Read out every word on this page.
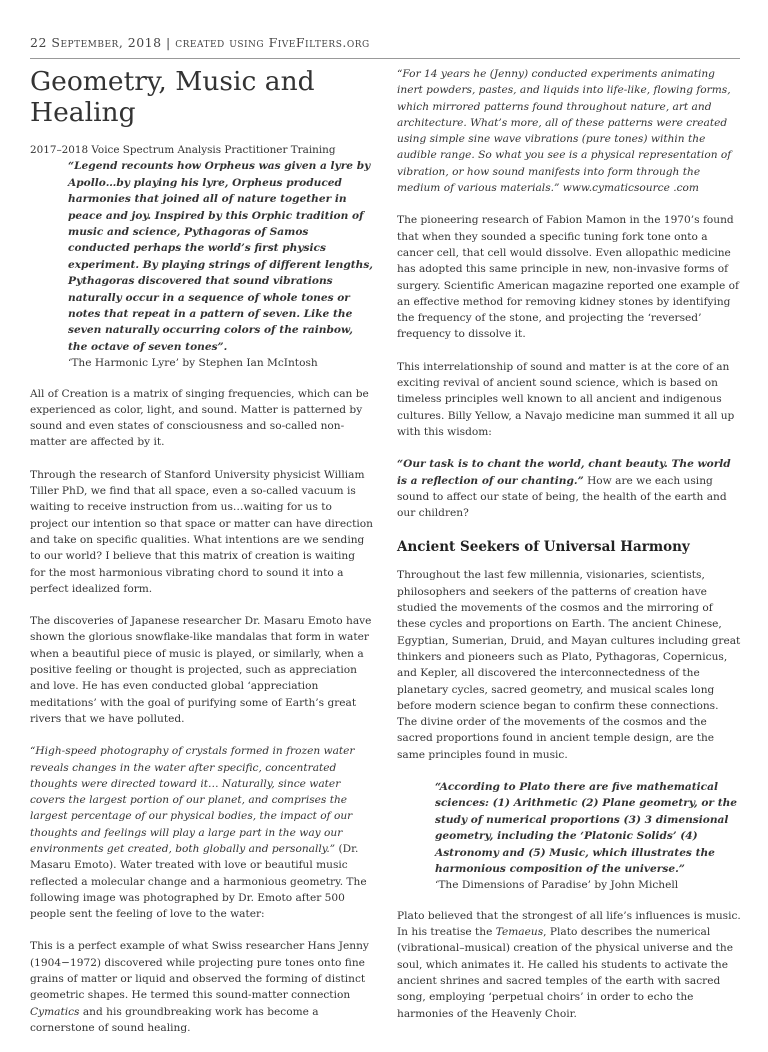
22 September, 2018 | created using FiveFilters.org
Geometry, Music and Healing

2017–2018 Voice Spectrum Analysis Practitioner Training

“Legend recounts how Orpheus was given a lyre by Apollo…by playing his lyre, Orpheus produced harmonies that joined all of nature together in peace and joy. Inspired by this Orphic tradition of music and science, Pythagoras of Samos conducted perhaps the world’s first physics experiment. By playing strings of different lengths, Pythagoras discovered that sound vibrations naturally occur in a sequence of whole tones or notes that repeat in a pattern of seven. Like the seven naturally occurring colors of the rainbow, the octave of seven tones”.
‘The Harmonic Lyre’ by Stephen Ian McIntosh

All of Creation is a matrix of singing frequencies, which can be experienced as color, light, and sound. Matter is patterned by sound and even states of consciousness and so-called non-matter are affected by it.

Through the research of Stanford University physicist William Tiller PhD, we find that all space, even a so-called vacuum is waiting to receive instruction from us…waiting for us to project our intention so that space or matter can have direction and take on specific qualities. What intentions are we sending to our world? I believe that this matrix of creation is waiting for the most harmonious vibrating chord to sound it into a perfect idealized form.

The discoveries of Japanese researcher Dr. Masaru Emoto have shown the glorious snowflake-like mandalas that form in water when a beautiful piece of music is played, or similarly, when a positive feeling or thought is projected, such as appreciation and love. He has even conducted global ‘appreciation meditations’ with the goal of purifying some of Earth’s great rivers that we have polluted.

“High-speed photography of crystals formed in frozen water reveals changes in the water after specific, concentrated thoughts were directed toward it… Naturally, since water covers the largest portion of our planet, and comprises the largest percentage of our physical bodies, the impact of our thoughts and feelings will play a large part in the way our environments get created, both globally and personally.” (Dr. Masaru Emoto). Water treated with love or beautiful music reflected a molecular change and a harmonious geometry. The following image was photographed by Dr. Emoto after 500 people sent the feeling of love to the water:

This is a perfect example of what Swiss researcher Hans Jenny (1904−1972) discovered while projecting pure tones onto fine grains of matter or liquid and observed the forming of distinct geometric shapes. He termed this sound-matter connection Cymatics and his groundbreaking work has become a cornerstone of sound healing.

“For 14 years he (Jenny) conducted experiments animating inert powders, pastes, and liquids into life-like, flowing forms, which mirrored patterns found throughout nature, art and architecture. What’s more, all of these patterns were created using simple sine wave vibrations (pure tones) within the audible range. So what you see is a physical representation of vibration, or how sound manifests into form through the medium of various materials.” www.cymaticsource .com

The pioneering research of Fabion Mamon in the 1970’s found that when they sounded a specific tuning fork tone onto a cancer cell, that cell would dissolve. Even allopathic medicine has adopted this same principle in new, non-invasive forms of surgery. Scientific American magazine reported one example of an effective method for removing kidney stones by identifying the frequency of the stone, and projecting the ‘reversed’ frequency to dissolve it.

This interrelationship of sound and matter is at the core of an exciting revival of ancient sound science, which is based on timeless principles well known to all ancient and indigenous cultures. Billy Yellow, a Navajo medicine man summed it all up with this wisdom:

“Our task is to chant the world, chant beauty. The world is a reflection of our chanting.” How are we each using sound to affect our state of being, the health of the earth and our children?

Ancient Seekers of Universal Harmony

Throughout the last few millennia, visionaries, scientists, philosophers and seekers of the patterns of creation have studied the movements of the cosmos and the mirroring of these cycles and proportions on Earth. The ancient Chinese, Egyptian, Sumerian, Druid, and Mayan cultures including great thinkers and pioneers such as Plato, Pythagoras, Copernicus, and Kepler, all discovered the interconnectedness of the planetary cycles, sacred geometry, and musical scales long before modern science began to confirm these connections. The divine order of the movements of the cosmos and the sacred proportions found in ancient temple design, are the same principles found in music.

“According to Plato there are five mathematical sciences: (1) Arithmetic (2) Plane geometry, or the study of numerical proportions (3) 3 dimensional geometry, including the ‘Platonic Solids’ (4) Astronomy and (5) Music, which illustrates the harmonious composition of the universe.”
‘The Dimensions of Paradise’ by John Michell

Plato believed that the strongest of all life’s influences is music. In his treatise the Temaeus, Plato describes the numerical (vibrational–musical) creation of the physical universe and the soul, which animates it. He called his students to activate the ancient shrines and sacred temples of the earth with sacred song, employing ‘perpetual choirs’ in order to echo the harmonies of the Heavenly Choir.
